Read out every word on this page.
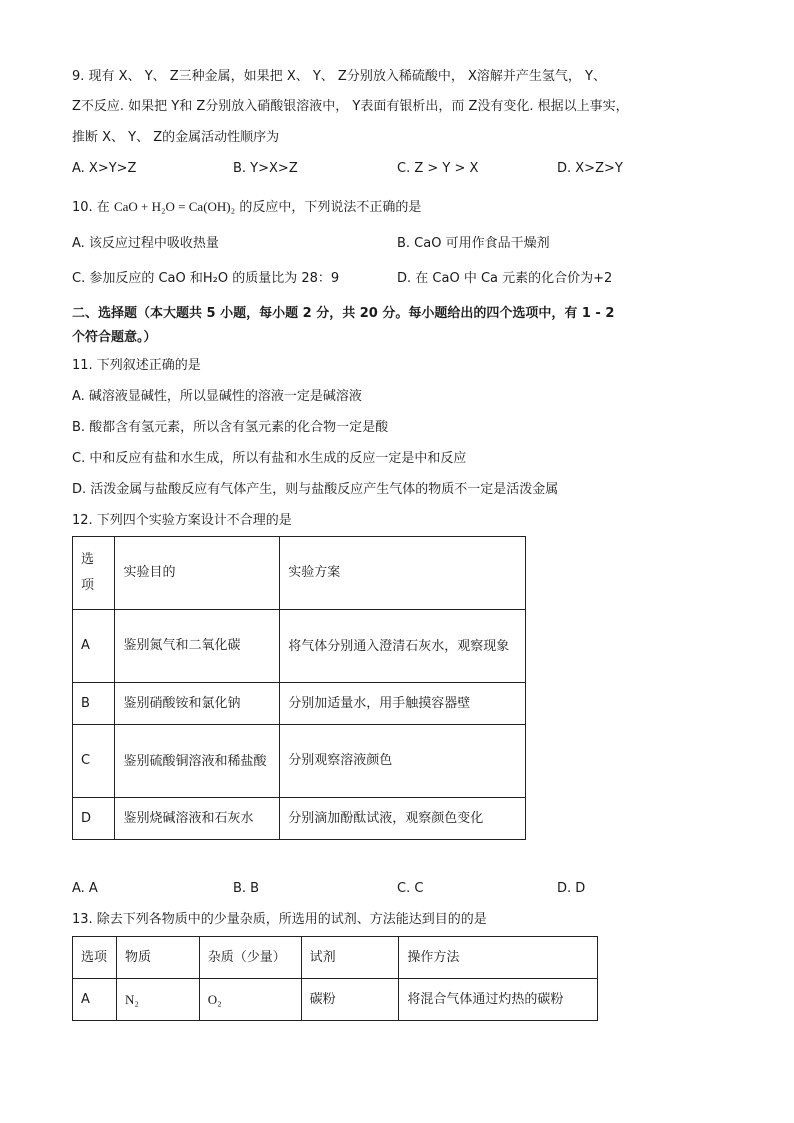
9. 现有 X、 Y、 Z三种金属，如果把 X、 Y、 Z分别放入稀硫酸中， X溶解并产生氢气， Y、
Z不反应. 如果把 Y和 Z分别放入硝酸银溶液中， Y表面有银析出，而 Z没有变化. 根据以上事实，
推断 X、 Y、 Z的金属活动性顺序为
A. X>Y>Z	B. Y>X>Z	C. Z > Y > X	D. X>Z>Y
10. 在 CaO + H₂O = Ca(OH)₂ 的反应中，下列说法不正确的是
A. 该反应过程中吸收热量	B. CaO 可用作食品干燥剂
C. 参加反应的 CaO 和H₂O 的质量比为 28：9	D. 在 CaO 中 Ca 元素的化合价为+2
二、选择题（本大题共 5 小题，每小题 2 分，共 20 分。每小题给出的四个选项中，有 1 - 2
个符合题意。）
11. 下列叙述正确的是
A. 碱溶液显碱性，所以显碱性的溶液一定是碱溶液
B. 酸都含有氢元素，所以含有氢元素的化合物一定是酸
C. 中和反应有盐和水生成，所以有盐和水生成的反应一定是中和反应
D. 活泼金属与盐酸反应有气体产生，则与盐酸反应产生气体的物质不一定是活泼金属
12. 下列四个实验方案设计不合理的是
选项	实验目的	实验方案
A	鉴别氮气和二氧化碳	将气体分别通入澄清石灰水，观察现象

B	鉴别硝酸铵和氯化钠	分别加适量水，用手触摸容器壁
C	鉴别硫酸铜溶液和稀盐酸	分别观察溶液颜色
D	鉴别烧碱溶液和石灰水	分别滴加酚酞试液，观察颜色变化
A. A	B. B	C. C	D. D
13. 除去下列各物质中的少量杂质，所选用的试剂、方法能达到目的的是
选项	物质	杂质（少量）	试剂	操作方法
A	N₂	O₂	碳粉	将混合气体通过灼热的碳粉
